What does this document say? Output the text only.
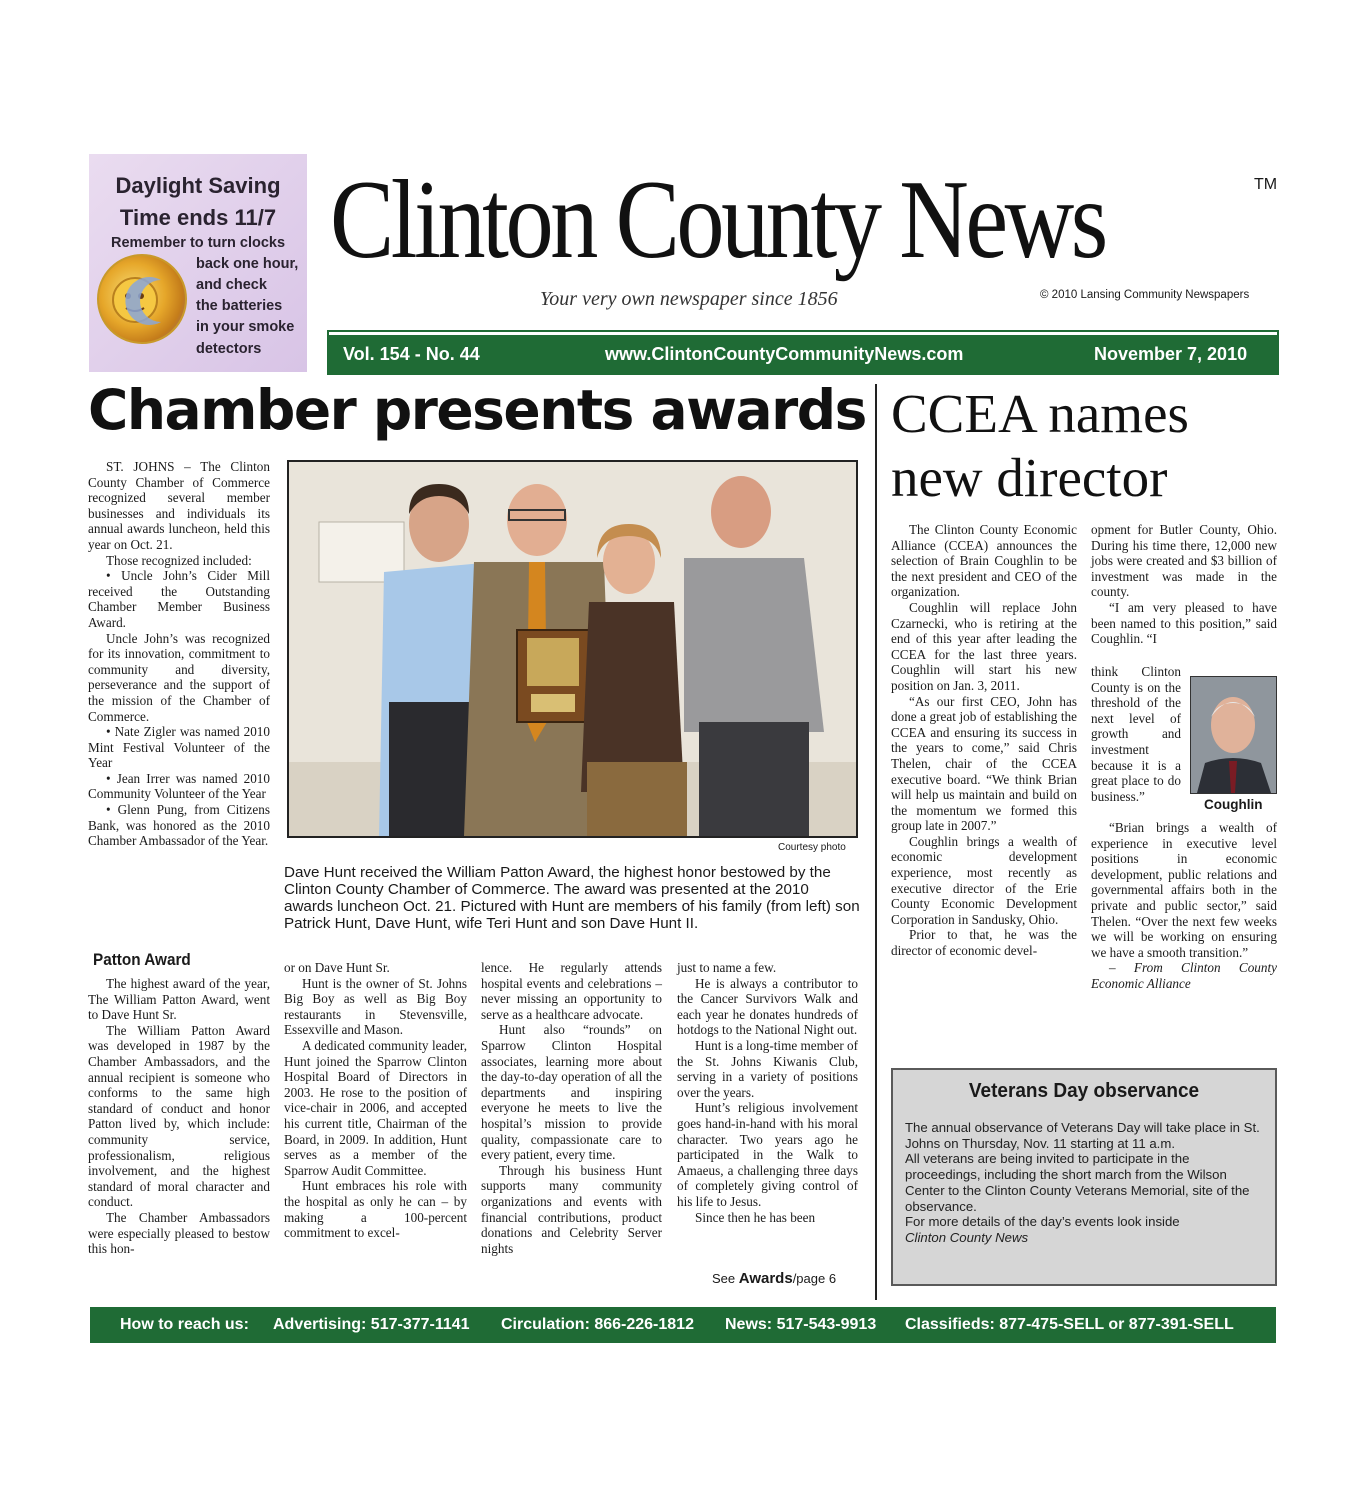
Daylight Saving
Time ends 11/7
Remember to turn clocks
back one hour,
and check
the batteries
in your smoke
detectors
Clinton County News	TM
Your very own newspaper since 1856	© 2010 Lansing Community Newspapers
Vol. 154 - No. 44	www.ClintonCountyCommunityNews.com	November 7, 2010
Chamber presents awards

ST. JOHNS – The Clinton County Chamber of Commerce recognized several member businesses and individuals its annual awards luncheon, held this year on Oct. 21.

Those recognized included:

• Uncle John’s Cider Mill received the Outstanding Chamber Member Business Award.

Uncle John’s was recognized for its innovation, commitment to community and diversity, perseverance and the support of the mission of the Chamber of Commerce.

• Nate Zigler was named 2010 Mint Festival Volunteer of the Year

• Jean Irrer was named 2010 Community Volunteer of the Year

• Glenn Pung, from Citizens Bank, was honored as the 2010 Chamber Ambassador of the Year.	Courtesy photo
Dave Hunt received the William Patton Award, the highest honor bestowed by the Clinton County Chamber of Commerce. The award was presented at the 2010 awards luncheon Oct. 21. Pictured with Hunt are members of his family (from left) son Patrick Hunt, Dave Hunt, wife Teri Hunt and son Dave Hunt II.
Patton Award

The highest award of the year, The William Patton Award, went to Dave Hunt Sr.

The William Patton Award was developed in 1987 by the Chamber Ambassadors, and the annual recipient is someone who conforms to the same high standard of conduct and honor Patton lived by, which include: community service, professionalism, religious involvement, and the highest standard of moral character and conduct.

The Chamber Ambassadors were especially pleased to bestow this hon-

or on Dave Hunt Sr.

Hunt is the owner of St. Johns Big Boy as well as Big Boy restaurants in Stevensville, Essexville and Mason.

A dedicated community leader, Hunt joined the Sparrow Clinton Hospital Board of Directors in 2003. He rose to the position of vice-chair in 2006, and accepted his current title, Chairman of the Board, in 2009. In addition, Hunt serves as a member of the Sparrow Audit Committee.

Hunt embraces his role with the hospital as only he can – by making a 100-percent commitment to excel-

lence. He regularly attends hospital events and celebrations – never missing an opportunity to serve as a healthcare advocate.

Hunt also “rounds” on Sparrow Clinton Hospital associates, learning more about the day-to-day operation of all the departments and inspiring everyone he meets to live the hospital’s mission to provide quality, compassionate care to every patient, every time.

Through his business Hunt supports many community organizations and events with financial contributions, product donations and Celebrity Server nights

just to name a few.

He is always a contributor to the Cancer Survivors Walk and each year he donates hundreds of hotdogs to the National Night out.

Hunt is a long-time member of the St. Johns Kiwanis Club, serving in a variety of positions over the years.

Hunt’s religious involvement goes hand-in-hand with his moral character. Two years ago he participated in the Walk to Amaeus, a challenging three days of completely giving control of his life to Jesus.

Since then he has been

See Awards/page 6
CCEA names
new director

The Clinton County Economic Alliance (CCEA) announces the selection of Brain Coughlin to be the next president and CEO of the organization.

Coughlin will replace John Czarnecki, who is retiring at the end of this year after leading the CCEA for the last three years. Coughlin will start his new position on Jan. 3, 2011.

“As our first CEO, John has done a great job of establishing the CCEA and ensuring its success in the years to come,” said Chris Thelen, chair of the CCEA executive board. “We think Brian will help us maintain and build on the momentum we formed this group late in 2007.”

Coughlin brings a wealth of economic development experience, most recently as executive director of the Erie County Economic Development Corporation in Sandusky, Ohio.

Prior to that, he was the director of economic devel-

opment for Butler County, Ohio. During his time there, 12,000 new jobs were created and $3 billion of investment was made in the county.

“I am very pleased to have been named to this position,” said Coughlin. “I

think Clinton County is on the threshold of the next level of growth and investment because it is a great place to do business.”

Coughlin

“Brian brings a wealth of experience in executive level positions in economic development, public relations and governmental affairs both in the private and public sector,” said Thelen. “Over the next few weeks we will be working on ensuring we have a smooth transition.”

– From Clinton County Economic Alliance

Veterans Day observance
The annual observance of Veterans Day will take place in St. Johns on Thursday, Nov. 11 starting at 11 a.m.
All veterans are being invited to participate in the proceedings, including the short march from the Wilson Center to the Clinton County Veterans Memorial, site of the observance.
For more details of the day’s events look inside
Clinton County News
How to reach us: Advertising: 517-377-1141 Circulation: 866-226-1812 News: 517-543-9913 Classifieds: 877-475-SELL or 877-391-SELL
